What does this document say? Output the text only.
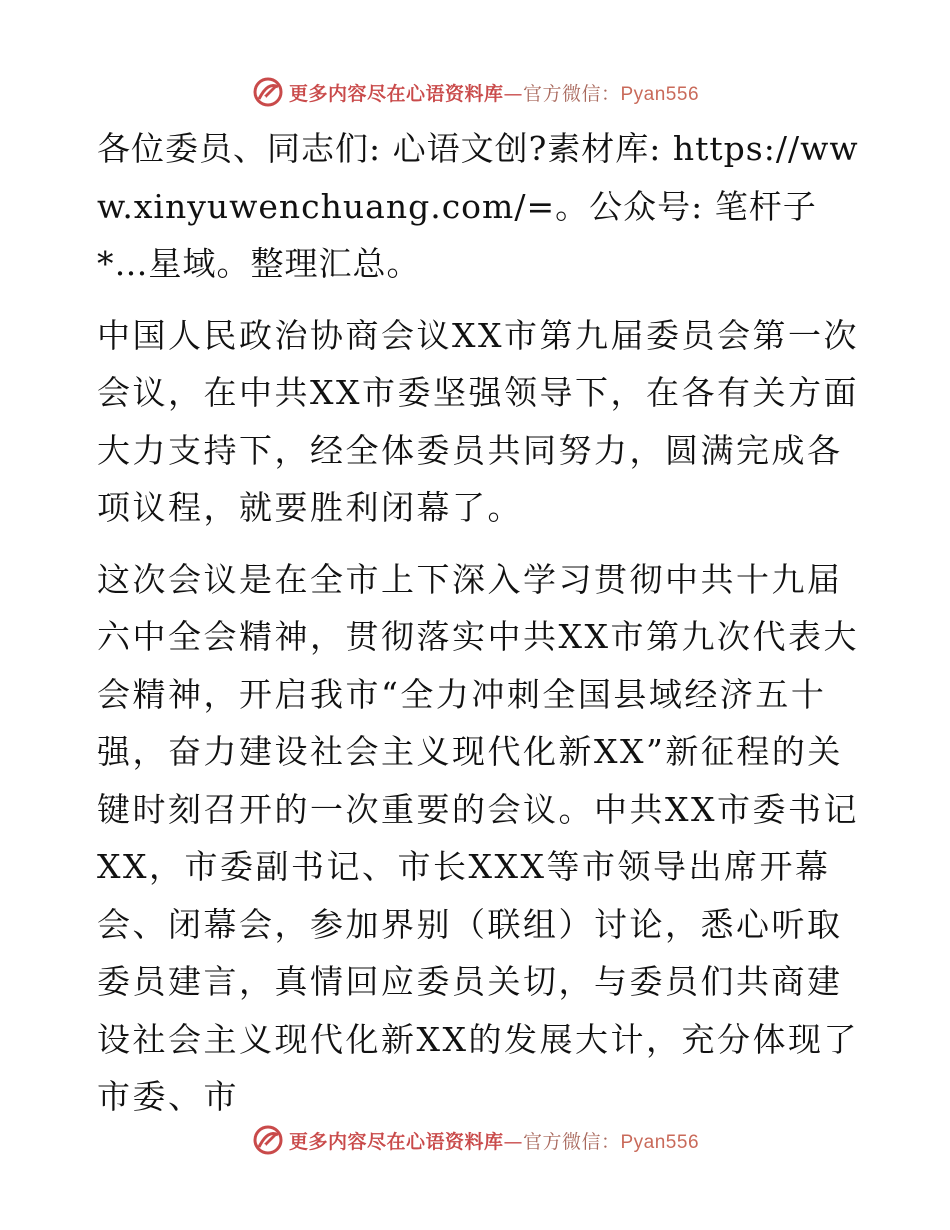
更多内容尽在心语资料库—官方微信：Pyan556

各位委员、同志们: 心语文创?素材库: https://www.xinyuwenchuang.com/=。公众号: 笔杆子*…星域。整理汇总。

中国人民政治协商会议XX市第九届委员会第一次会议，在中共XX市委坚强领导下，在各有关方面大力支持下，经全体委员共同努力，圆满完成各项议程，就要胜利闭幕了。

这次会议是在全市上下深入学习贯彻中共十九届六中全会精神，贯彻落实中共XX市第九次代表大会精神，开启我市“全力冲刺全国县域经济五十强，奋力建设社会主义现代化新XX”新征程的关键时刻召开的一次重要的会议。中共XX市委书记XX，市委副书记、市长XXX等市领导出席开幕会、闭幕会，参加界别（联组）讨论，悉心听取委员建言，真情回应委员关切，与委员们共商建设社会主义现代化新XX的发展大计，充分体现了市委、市

更多内容尽在心语资料库—官方微信：Pyan556
